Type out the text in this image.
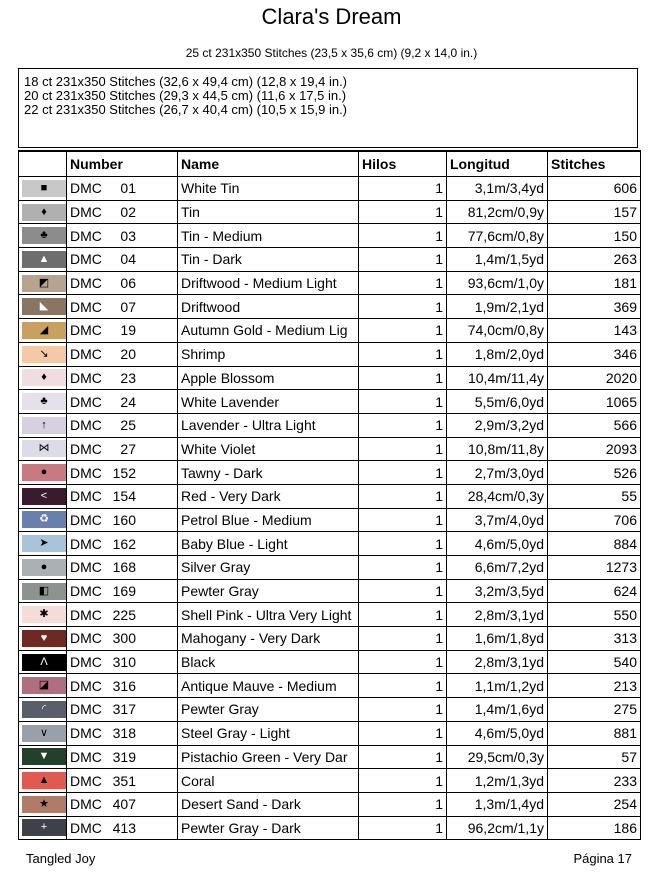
Clara's Dream
25 ct 231x350 Stitches (23,5 x 35,6 cm) (9,2 x 14,0 in.)
18 ct 231x350 Stitches (32,6 x 49,4 cm) (12,8 x 19,4 in.)
20 ct 231x350 Stitches (29,3 x 44,5 cm) (11,6 x 17,5 in.)
22 ct 231x350 Stitches (26,7 x 40,4 cm) (10,5 x 15,9 in.)
	Number	Name	Hilos	Longitud	Stitches

■	DMC 01	White Tin	1	3,1m/3,4yd	606

♦	DMC 02	Tin	1	81,2cm/0,9y	157

♣	DMC 03	Tin - Medium	1	77,6cm/0,8y	150

▲	DMC 04	Tin - Dark	1	1,4m/1,5yd	263

◩	DMC 06	Driftwood - Medium Light	1	93,6cm/1,0y	181

◣	DMC 07	Driftwood	1	1,9m/2,1yd	369

◢	DMC 19	Autumn Gold - Medium Lig	1	74,0cm/0,8y	143

↘	DMC 20	Shrimp	1	1,8m/2,0yd	346

♦	DMC 23	Apple Blossom	1	10,4m/11,4y	2020

♣	DMC 24	White Lavender	1	5,5m/6,0yd	1065

↑	DMC 25	Lavender - Ultra Light	1	2,9m/3,2yd	566

⋈	DMC 27	White Violet	1	10,8m/11,8y	2093

●	DMC 152	Tawny - Dark	1	2,7m/3,0yd	526

<	DMC 154	Red - Very Dark	1	28,4cm/0,3y	55

♻	DMC 160	Petrol Blue - Medium	1	3,7m/4,0yd	706

➤	DMC 162	Baby Blue - Light	1	4,6m/5,0yd	884

●	DMC 168	Silver Gray	1	6,6m/7,2yd	1273

◧	DMC 169	Pewter Gray	1	3,2m/3,5yd	624

✱	DMC 225	Shell Pink - Ultra Very Light	1	2,8m/3,1yd	550

♥	DMC 300	Mahogany - Very Dark	1	1,6m/1,8yd	313

Λ	DMC 310	Black	1	2,8m/3,1yd	540

◪	DMC 316	Antique Mauve - Medium	1	1,1m/1,2yd	213

◜	DMC 317	Pewter Gray	1	1,4m/1,6yd	275

∨	DMC 318	Steel Gray - Light	1	4,6m/5,0yd	881

▼	DMC 319	Pistachio Green - Very Dar	1	29,5cm/0,3y	57

▲	DMC 351	Coral	1	1,2m/1,3yd	233

★	DMC 407	Desert Sand - Dark	1	1,3m/1,4yd	254

+	DMC 413	Pewter Gray - Dark	1	96,2cm/1,1y	186
Tangled Joy	Página 17
